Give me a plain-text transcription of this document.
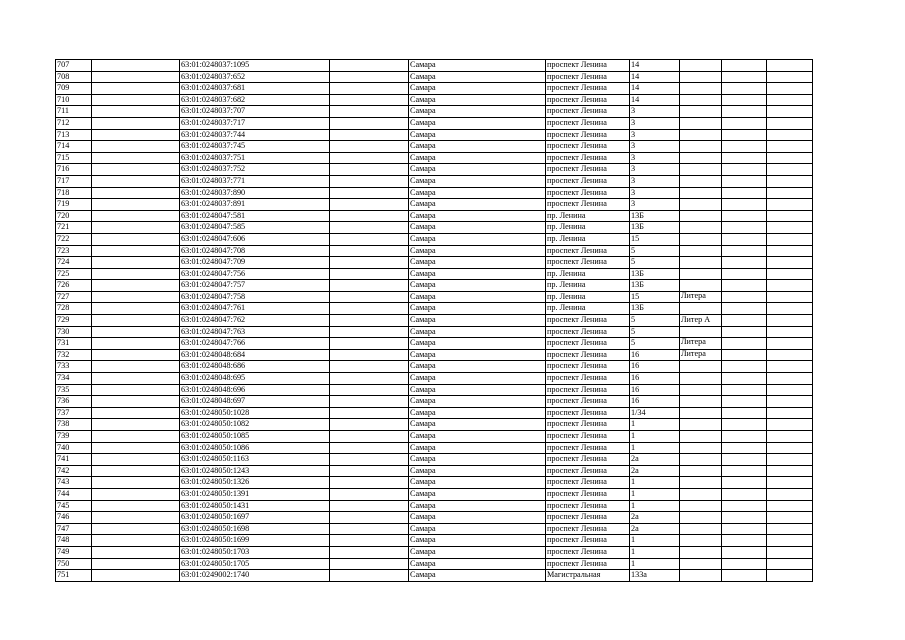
707		63:01:0248037:1095		Самара	проспект Ленина	14			
708		63:01:0248037:652		Самара	проспект Ленина	14			
709		63:01:0248037:681		Самара	проспект Ленина	14			
710		63:01:0248037:682		Самара	проспект Ленина	14			
711		63:01:0248037:707		Самара	проспект Ленина	3			
712		63:01:0248037:717		Самара	проспект Ленина	3			
713		63:01:0248037:744		Самара	проспект Ленина	3			
714		63:01:0248037:745		Самара	проспект Ленина	3			
715		63:01:0248037:751		Самара	проспект Ленина	3			
716		63:01:0248037:752		Самара	проспект Ленина	3			
717		63:01:0248037:771		Самара	проспект Ленина	3			
718		63:01:0248037:890		Самара	проспект Ленина	3			
719		63:01:0248037:891		Самара	проспект Ленина	3			
720		63:01:0248047:581		Самара	пр. Ленина	13Б			
721		63:01:0248047:585		Самара	пр. Ленина	13Б			
722		63:01:0248047:606		Самара	пр. Ленина	15			
723		63:01:0248047:708		Самара	проспект Ленина	5			
724		63:01:0248047:709		Самара	проспект Ленина	5			
725		63:01:0248047:756		Самара	пр. Ленина	13Б			
726		63:01:0248047:757		Самара	пр. Ленина	13Б			
727		63:01:0248047:758		Самара	пр. Ленина	15	Литера		
728		63:01:0248047:761		Самара	пр. Ленина	13Б			
729		63:01:0248047:762		Самара	проспект Ленина	5	Литер А		
730		63:01:0248047:763		Самара	проспект Ленина	5			
731		63:01:0248047:766		Самара	проспект Ленина	5	Литера		
732		63:01:0248048:684		Самара	проспект Ленина	16	Литера		
733		63:01:0248048:686		Самара	проспект Ленина	16			
734		63:01:0248048:695		Самара	проспект Ленина	16			
735		63:01:0248048:696		Самара	проспект Ленина	16			
736		63:01:0248048:697		Самара	проспект Ленина	16			
737		63:01:0248050:1028		Самара	проспект Ленина	1/34			
738		63:01:0248050:1082		Самара	проспект Ленина	1			
739		63:01:0248050:1085		Самара	проспект Ленина	1			
740		63:01:0248050:1086		Самара	проспект Ленина	1			
741		63:01:0248050:1163		Самара	проспект Ленина	2а			
742		63:01:0248050:1243		Самара	проспект Ленина	2а			
743		63:01:0248050:1326		Самара	проспект Ленина	1			
744		63:01:0248050:1391		Самара	проспект Ленина	1			
745		63:01:0248050:1431		Самара	проспект Ленина	1			
746		63:01:0248050:1697		Самара	проспект Ленина	2а			
747		63:01:0248050:1698		Самара	проспект Ленина	2а			
748		63:01:0248050:1699		Самара	проспект Ленина	1			
749		63:01:0248050:1703		Самара	проспект Ленина	1			
750		63:01:0248050:1705		Самара	проспект Ленина	1			
751		63:01:0249002:1740		Самара	Магистральная	133а			
